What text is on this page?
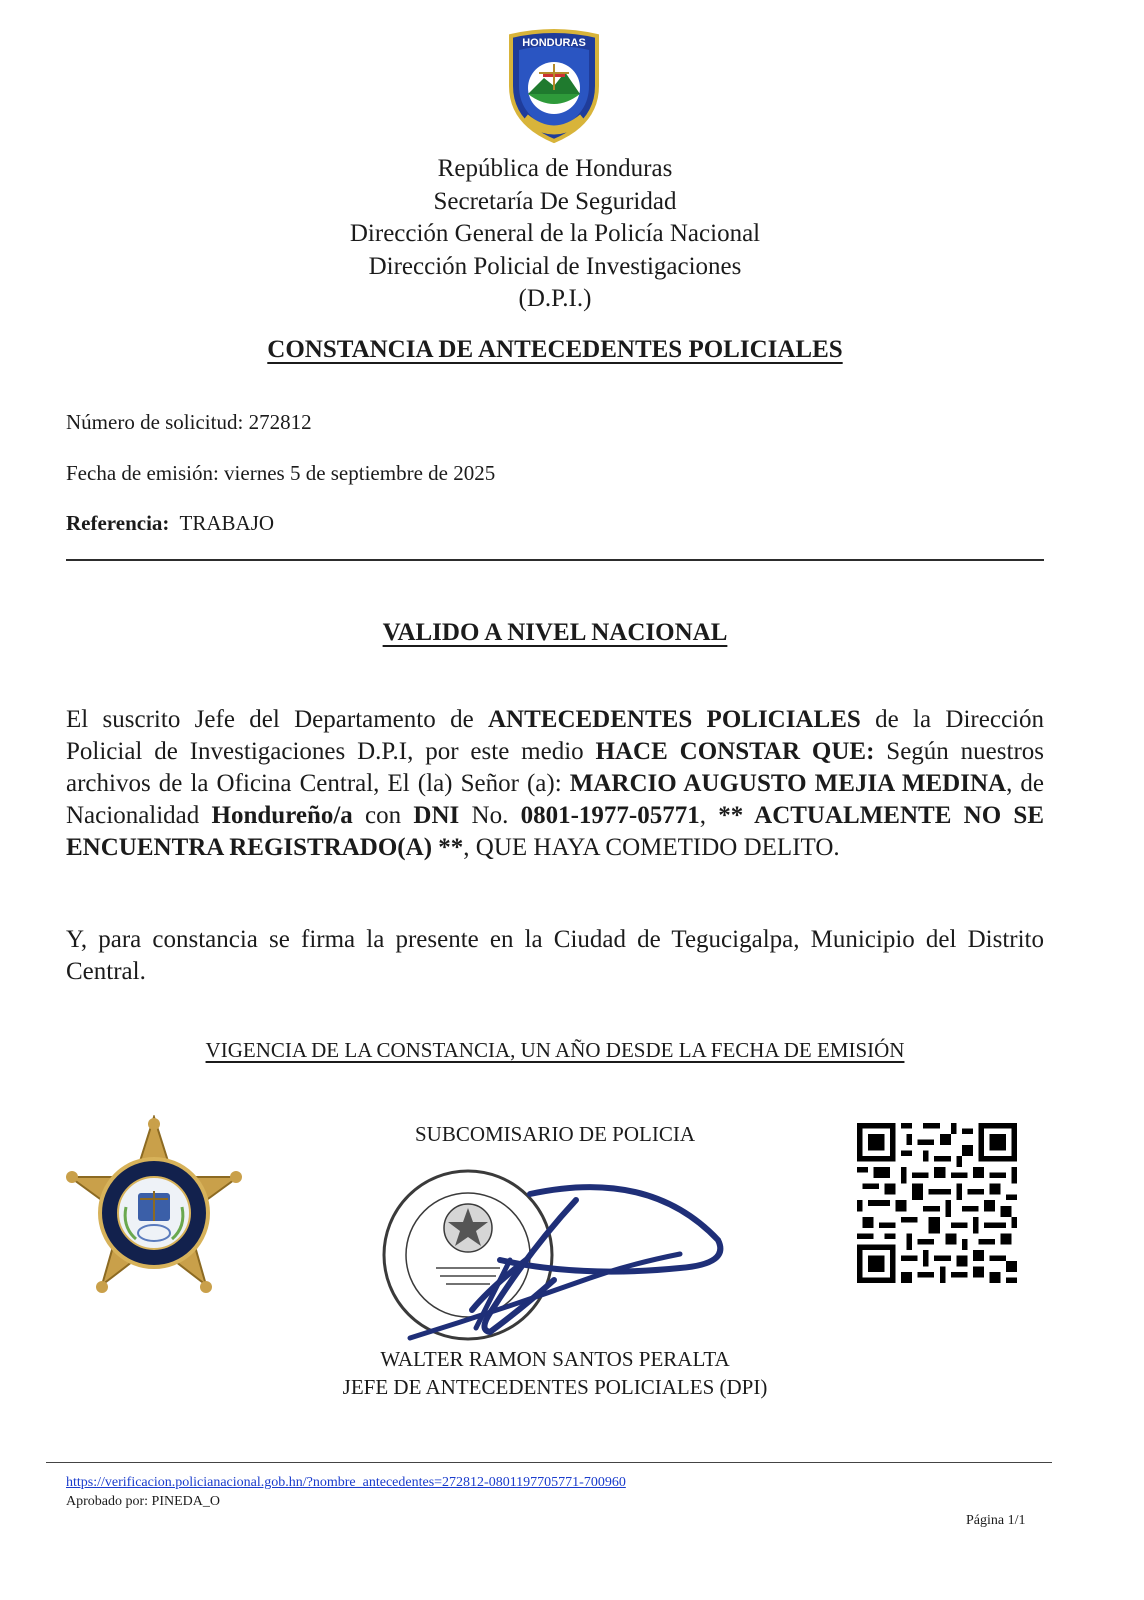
HONDURAS
República de Honduras
Secretaría De Seguridad
Dirección General de la Policía Nacional
Dirección Policial de Investigaciones
(D.P.I.)
CONSTANCIA DE ANTECEDENTES POLICIALES
Número de solicitud: 272812
Fecha de emisión: viernes 5 de septiembre de 2025
Referencia: TRABAJO
VALIDO A NIVEL NACIONAL
El suscrito Jefe del Departamento de ANTECEDENTES POLICIALES de la Dirección Policial de Investigaciones D.P.I, por este medio HACE CONSTAR QUE: Según nuestros archivos de la Oficina Central, El (la) Señor (a): MARCIO AUGUSTO MEJIA MEDINA, de Nacionalidad Hondureño/a con DNI No. 0801-1977-05771, ** ACTUALMENTE NO SE ENCUENTRA REGISTRADO(A) **, QUE HAYA COMETIDO DELITO.
Y, para constancia se firma la presente en la Ciudad de Tegucigalpa, Municipio del Distrito Central.
VIGENCIA DE LA CONSTANCIA, UN AÑO DESDE LA FECHA DE EMISIÓN
SUBCOMISARIO DE POLICIA
WALTER RAMON SANTOS PERALTA
JEFE DE ANTECEDENTES POLICIALES (DPI)
https://verificacion.policianacional.gob.hn/?nombre_antecedentes=272812-0801197705771-700960
Aprobado por: PINEDA_O
Página 1/1
